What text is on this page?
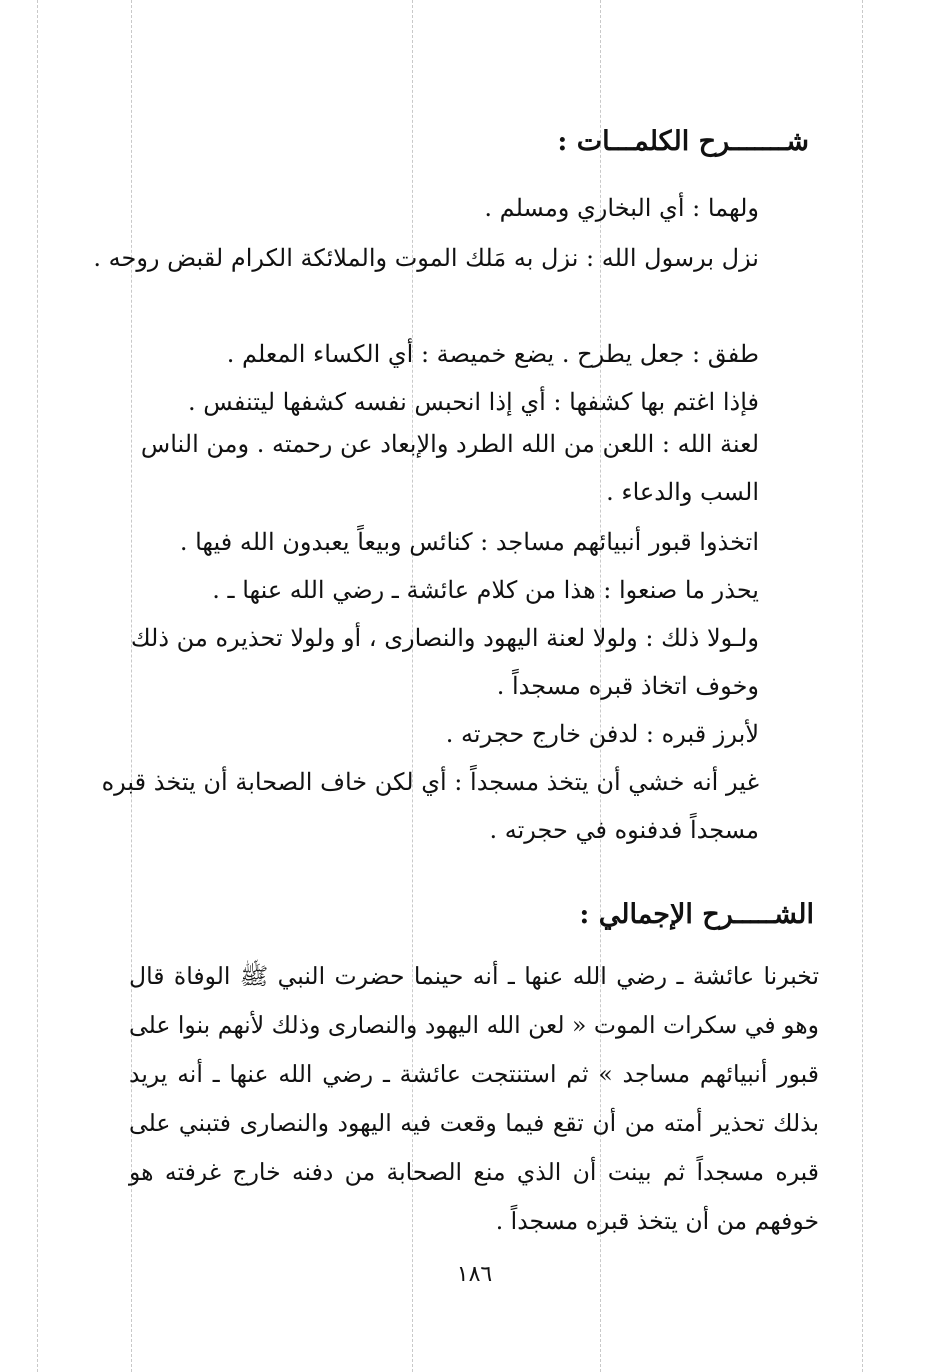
شـــــــرح الكلمـــات :
ولهما : أي البخاري ومسلم .
نزل برسول الله : نزل به مَلك الموت والملائكة الكرام لقبض روحه .
طفق : جعل يطرح . يضع خميصة : أي الكساء المعلم .
فإذا اغتم بها كشفها : أي إذا انحبس نفسه كشفها ليتنفس .
لعنة الله : اللعن من الله الطرد والإبعاد عن رحمته . ومن الناس السب والدعاء .
اتخذوا قبور أنبيائهم مساجد : كنائس وبيعاً يعبدون الله فيها .
يحذر ما صنعوا : هذا من كلام عائشة ـ رضي الله عنها ـ .
ولـولا ذلك : ولولا لعنة اليهود والنصارى ، أو ولولا تحذيره من ذلك وخوف اتخاذ قبره مسجداً .
لأبرز قبره : لدفن خارج حجرته .
غير أنه خشي أن يتخذ مسجداً : أي لكن خاف الصحابة أن يتخذ قبره مسجداً فدفنوه في حجرته .
الشـــــرح الإجمالي :
تخبرنا عائشة ـ رضي الله عنها ـ أنه حينما حضرت النبي ﷺ الوفاة قال وهو في سكرات الموت « لعن الله اليهود والنصارى وذلك لأنهم بنوا على قبور أنبيائهم مساجد » ثم استنتجت عائشة ـ رضي الله عنها ـ أنه يريد بذلك تحذير أمته من أن تقع فيما وقعت فيه اليهود والنصارى فتبني على قبره مسجداً ثم بينت أن الذي منع الصحابة من دفنه خارج غرفته هو خوفهم من أن يتخذ قبره مسجداً .
١٨٦
